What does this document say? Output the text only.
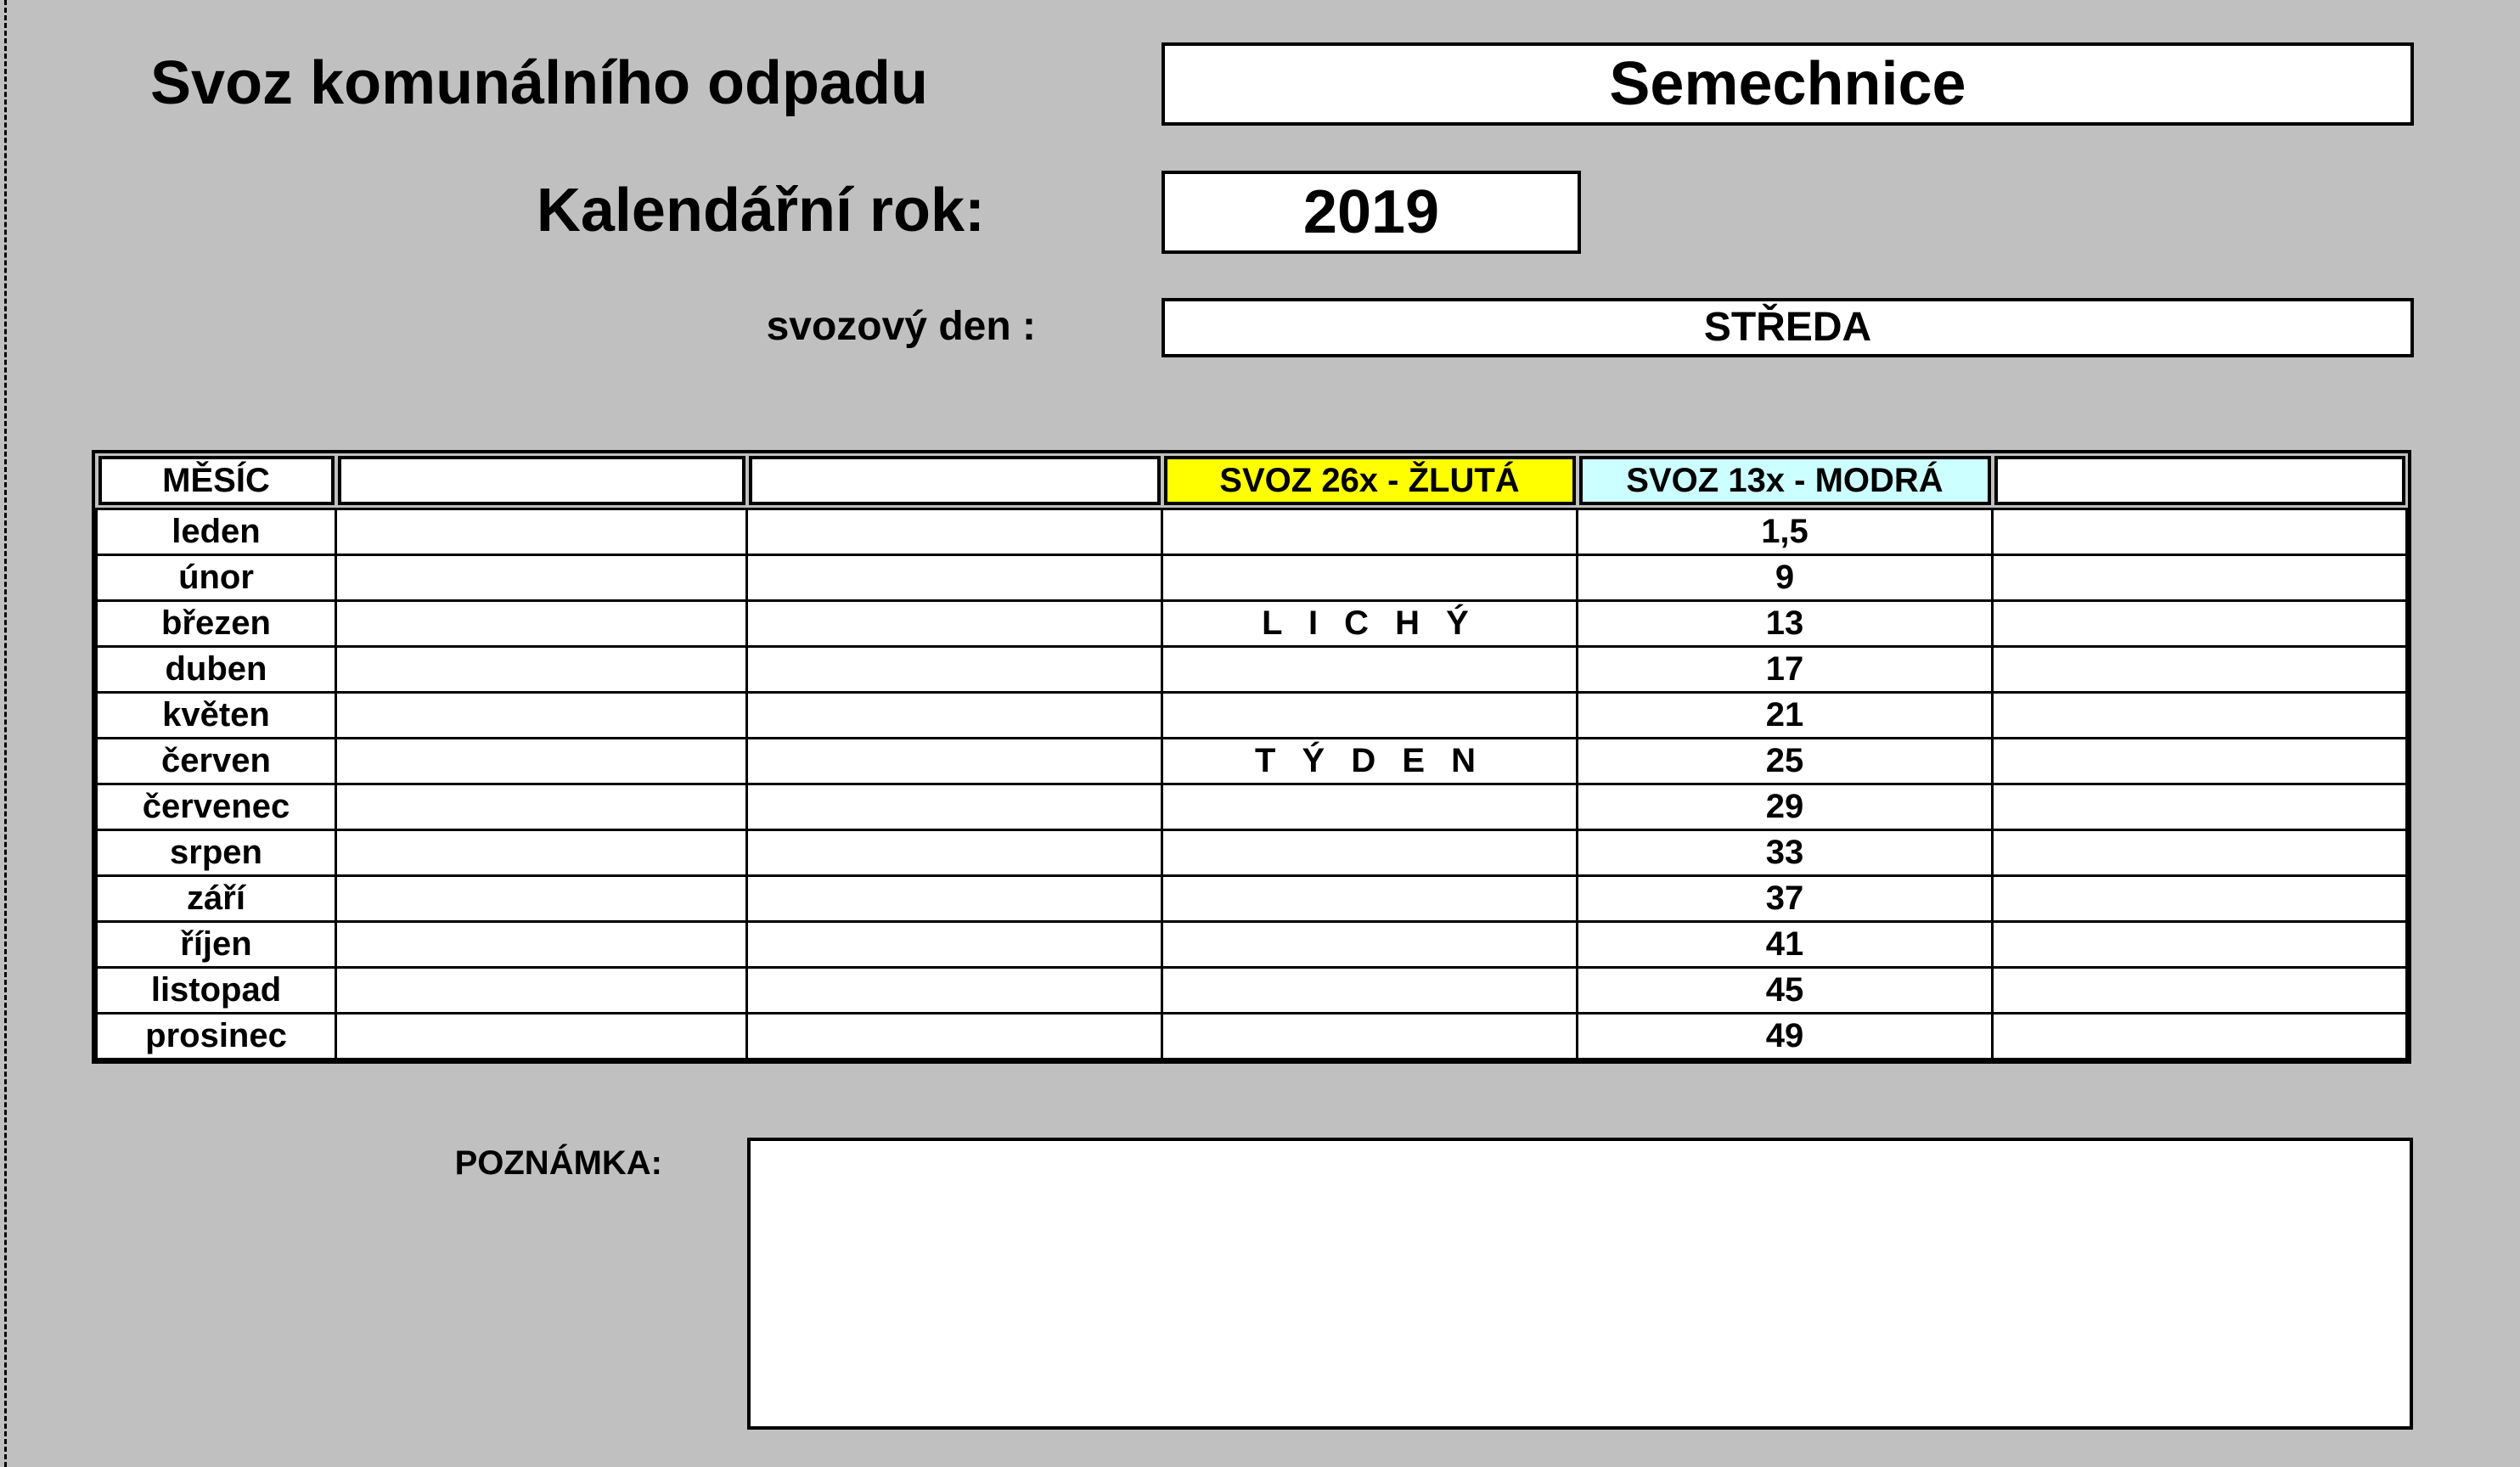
Svoz komunálního odpadu	Semechnice
Kalendářní rok:	2019
svozový den :	STŘEDA
MĚSÍC			SVOZ 26x - ŽLUTÁ	SVOZ 13x - MODRÁ	

leden				1,5	
únor				9	
březen			L I C H Ý	13	
duben				17	
květen				21	
červen			T Ý D E N	25	
červenec				29	
srpen				33	
září				37	
říjen				41	
listopad				45	
prosinec				49	
POZNÁMKA:
